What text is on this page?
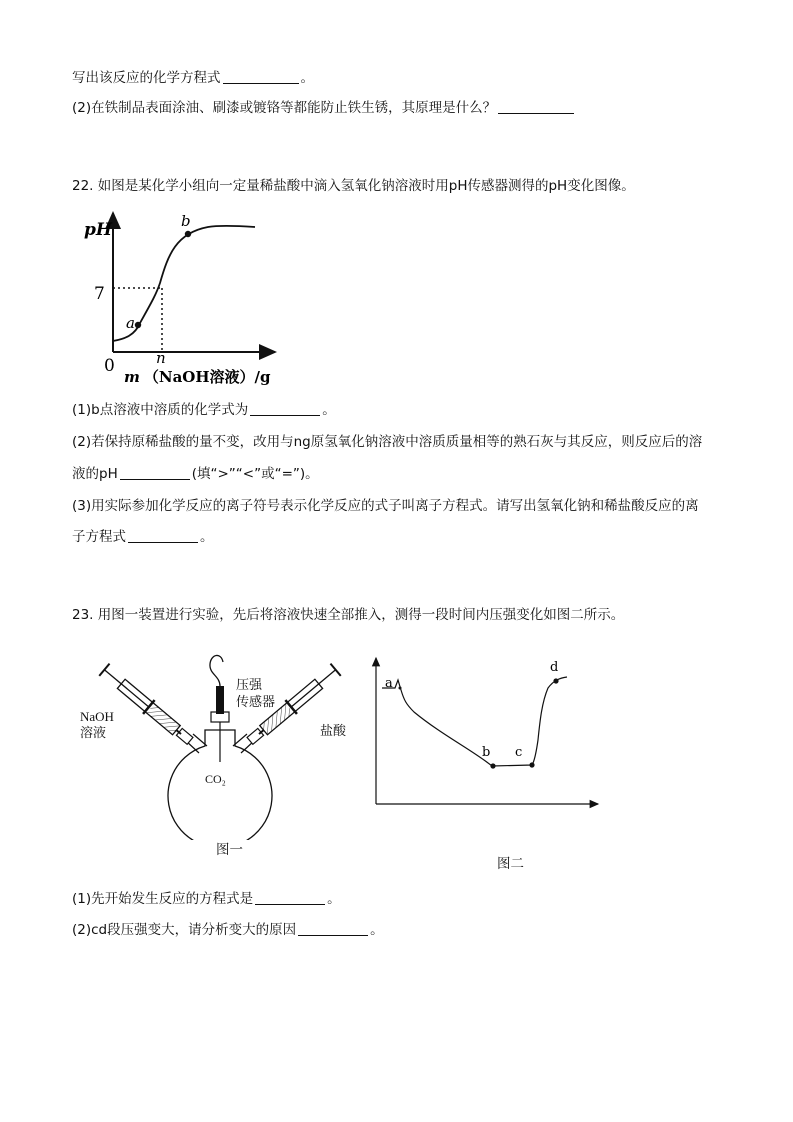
写出该反应的化学方程式	。
(2)在铁制品表面涂油、刷漆或镀铬等都能防止铁生锈，其原理是什么？
22. 如图是某化学小组向一定量稀盐酸中滴入氢氧化钠溶液时用pH传感器测得的pH变化图像。
pH
7
0	n
a
b
m （NaOH溶液）/g
(1)b点溶液中溶质的化学式为	。
(2)若保持原稀盐酸的量不变，改用与ng原氢氧化钠溶液中溶质质量相等的熟石灰与其反应，则反应后的溶
液的pH	(填“>”“<”或“=”)。
(3)用实际参加化学反应的离子符号表示化学反应的式子叫离子方程式。请写出氢氧化钠和稀盐酸反应的离
子方程式	。
23. 用图一装置进行实验，先后将溶液快速全部推入，测得一段时间内压强变化如图二所示。
压强
传感器
NaOH
溶液	盐酸
CO₂
图一
a
b c
d
图二
(1)先开始发生反应的方程式是	。
(2)cd段压强变大，请分析变大的原因	。
